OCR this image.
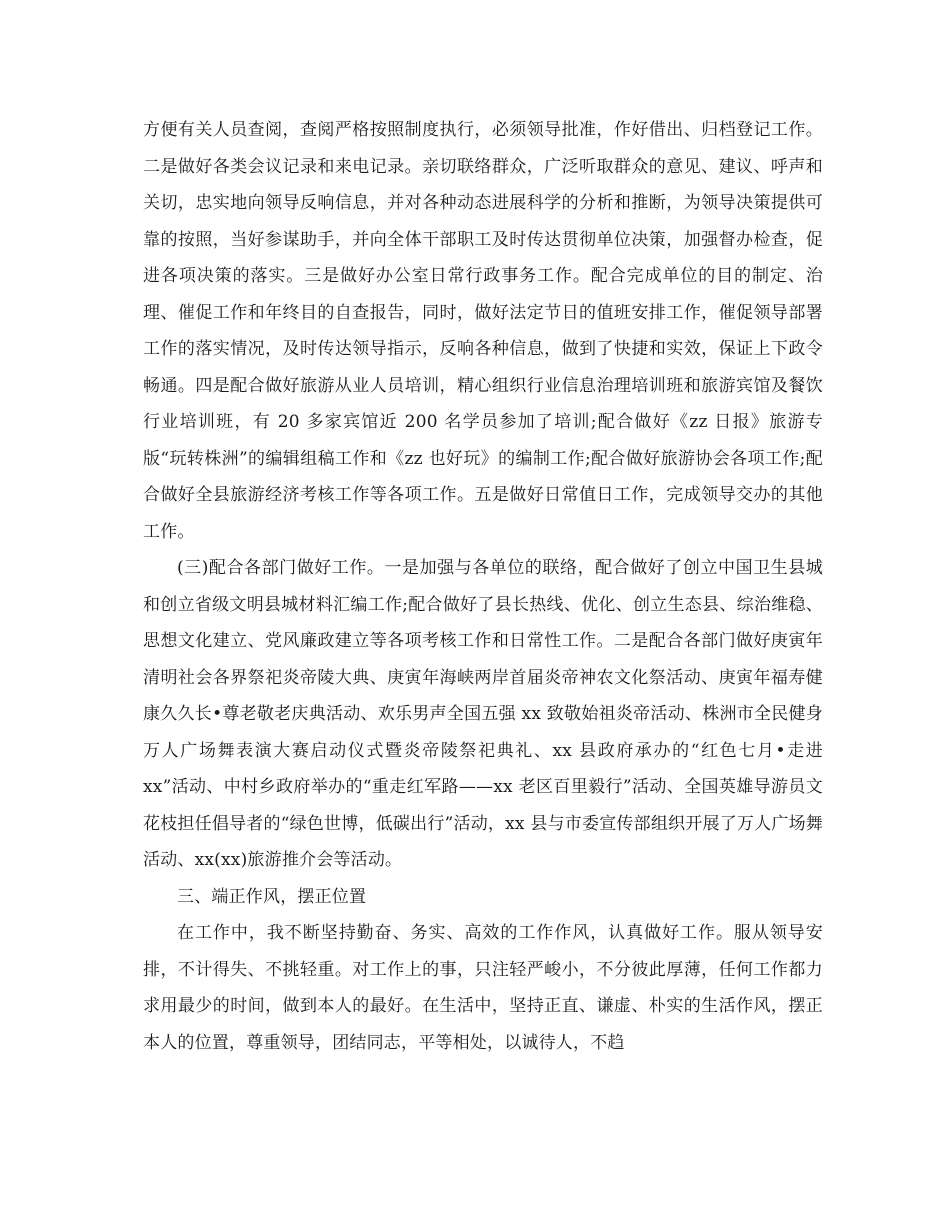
方便有关人员查阅，查阅严格按照制度执行，必须领导批准，作好借出、归档登记工作。二是做好各类会议记录和来电记录。亲切联络群众，广泛听取群众的意见、建议、呼声和关切，忠实地向领导反响信息，并对各种动态进展科学的分析和推断，为领导决策提供可靠的按照，当好参谋助手，并向全体干部职工及时传达贯彻单位决策，加强督办检查，促进各项决策的落实。三是做好办公室日常行政事务工作。配合完成单位的目的制定、治理、催促工作和年终目的自查报告，同时，做好法定节日的值班安排工作，催促领导部署工作的落实情况，及时传达领导指示，反响各种信息，做到了快捷和实效，保证上下政令畅通。四是配合做好旅游从业人员培训，精心组织行业信息治理培训班和旅游宾馆及餐饮行业培训班，有 20 多家宾馆近 200 名学员参加了培训;配合做好《zz 日报》旅游专版“玩转株洲”的编辑组稿工作和《zz 也好玩》的编制工作;配合做好旅游协会各项工作;配合做好全县旅游经济考核工作等各项工作。五是做好日常值日工作，完成领导交办的其他工作。

(三)配合各部门做好工作。一是加强与各单位的联络，配合做好了创立中国卫生县城和创立省级文明县城材料汇编工作;配合做好了县长热线、优化、创立生态县、综治维稳、思想文化建立、党风廉政建立等各项考核工作和日常性工作。二是配合各部门做好庚寅年清明社会各界祭祀炎帝陵大典、庚寅年海峡两岸首届炎帝神农文化祭活动、庚寅年福寿健康久久长•尊老敬老庆典活动、欢乐男声全国五强 xx 致敬始祖炎帝活动、株洲市全民健身万人广场舞表演大赛启动仪式暨炎帝陵祭祀典礼、xx 县政府承办的“红色七月•走进 xx”活动、中村乡政府举办的“重走红军路——xx 老区百里毅行”活动、全国英雄导游员文花枝担任倡导者的“绿色世博，低碳出行”活动，xx 县与市委宣传部组织开展了万人广场舞活动、xx(xx)旅游推介会等活动。

三、端正作风，摆正位置

在工作中，我不断坚持勤奋、务实、高效的工作作风，认真做好工作。服从领导安排，不计得失、不挑轻重。对工作上的事，只注轻严峻小，不分彼此厚薄，任何工作都力求用最少的时间，做到本人的最好。在生活中，坚持正直、谦虚、朴实的生活作风，摆正本人的位置，尊重领导，团结同志，平等相处，以诚待人，不趋
